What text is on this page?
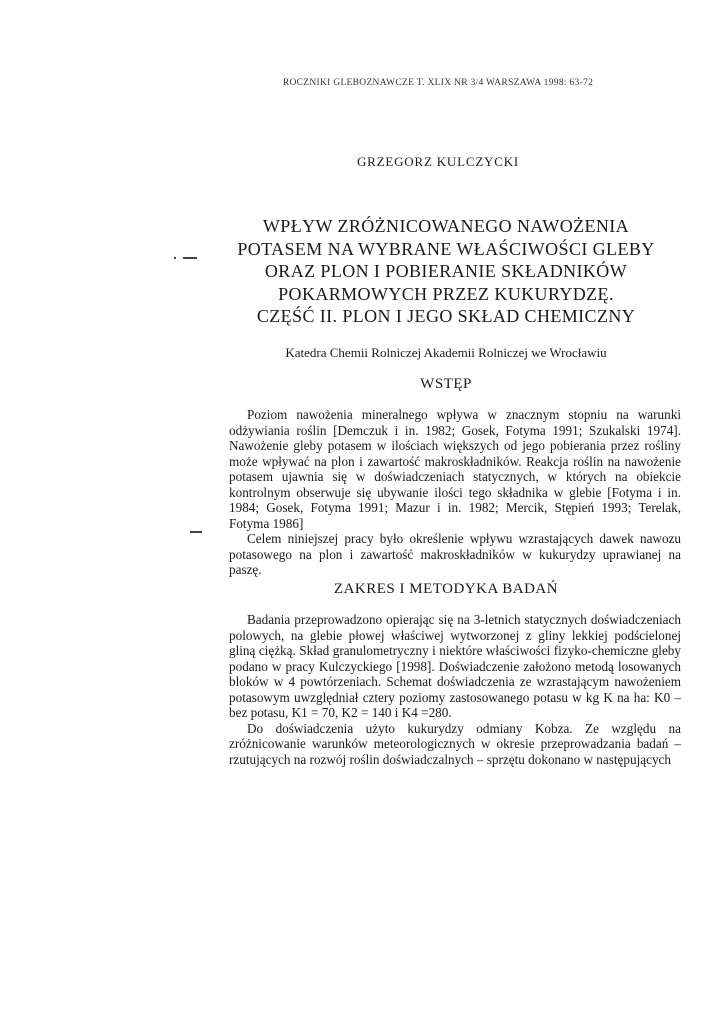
ROCZNIKI GLEBOZNAWCZE T. XLIX NR 3/4 WARSZAWA 1998: 63-72
GRZEGORZ KULCZYCKI
WPŁYW ZRÓŻNICOWANEGO NAWOŻENIA
POTASEM NA WYBRANE WŁAŚCIWOŚCI GLEBY
ORAZ PLON I POBIERANIE SKŁADNIKÓW
POKARMOWYCH PRZEZ KUKURYDZĘ.
CZĘŚĆ II. PLON I JEGO SKŁAD CHEMICZNY
Katedra Chemii Rolniczej Akademii Rolniczej we Wrocławiu
WSTĘP

Poziom nawożenia mineralnego wpływa w znacznym stopniu na warunki odżywiania roślin [Demczuk i in. 1982; Gosek, Fotyma 1991; Szukalski 1974]. Nawożenie gleby potasem w ilościach większych od jego pobierania przez rośliny może wpływać na plon i zawartość makroskładników. Reakcja roślin na nawożenie potasem ujawnia się w doświadczeniach statycznych, w których na obiekcie kontrolnym obserwuje się ubywanie ilości tego składnika w glebie [Fotyma i in. 1984; Gosek, Fotyma 1991; Mazur i in. 1982; Mercik, Stępień 1993; Terelak, Fotyma 1986]

Celem niniejszej pracy było określenie wpływu wzrastających dawek nawozu potasowego na plon i zawartość makroskładników w kukurydzy uprawianej na paszę.

ZAKRES I METODYKA BADAŃ

Badania przeprowadzono opierając się na 3-letnich statycznych doświadczeniach polowych, na glebie płowej właściwej wytworzonej z gliny lekkiej podścielonej gliną ciężką. Skład granulometryczny i niektóre właściwości fizyko-chemiczne gleby podano w pracy Kulczyckiego [1998]. Doświadczenie założono metodą losowanych bloków w 4 powtórzeniach. Schemat doświadczenia ze wzrastającym nawożeniem potasowym uwzględniał cztery poziomy zastosowanego potasu w kg K na ha: K0 – bez potasu, K1 = 70, K2 = 140 i K4 =280.

Do doświadczenia użyto kukurydzy odmiany Kobza. Ze względu na zróżnicowanie warunków meteorologicznych w okresie przeprowadzania badań – rzutujących na rozwój roślin doświadczalnych – sprzętu dokonano w następujących
